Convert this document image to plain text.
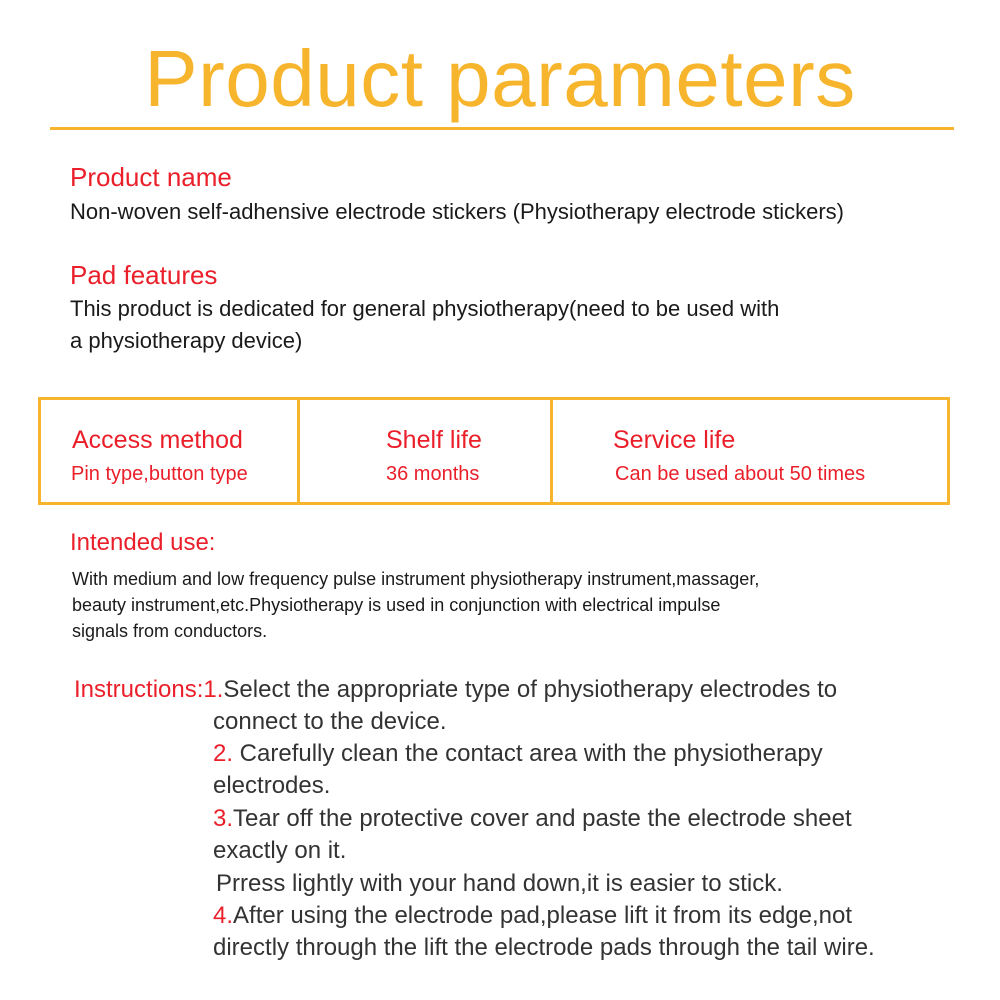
Product parameters
Product name
Non-woven self-adhensive electrode stickers (Physiotherapy electrode stickers)
Pad features
This product is dedicated for general physiotherapy(need to be used with
a physiotherapy device)
Access method
Pin type,button type
Shelf life
36 months
Service life
Can be used about 50 times
Intended use:
With medium and low frequency pulse instrument physiotherapy instrument,massager,
beauty instrument,etc.Physiotherapy is used in conjunction with electrical impulse
signals from conductors.
Instructions:1.Select the appropriate type of physiotherapy electrodes to
connect to the device.
2. Carefully clean the contact area with the physiotherapy
electrodes.
3.Tear off the protective cover and paste the electrode sheet
exactly on it.
Prress lightly with your hand down,it is easier to stick.
4.After using the electrode pad,please lift it from its edge,not
directly through the lift the electrode pads through the tail wire.
